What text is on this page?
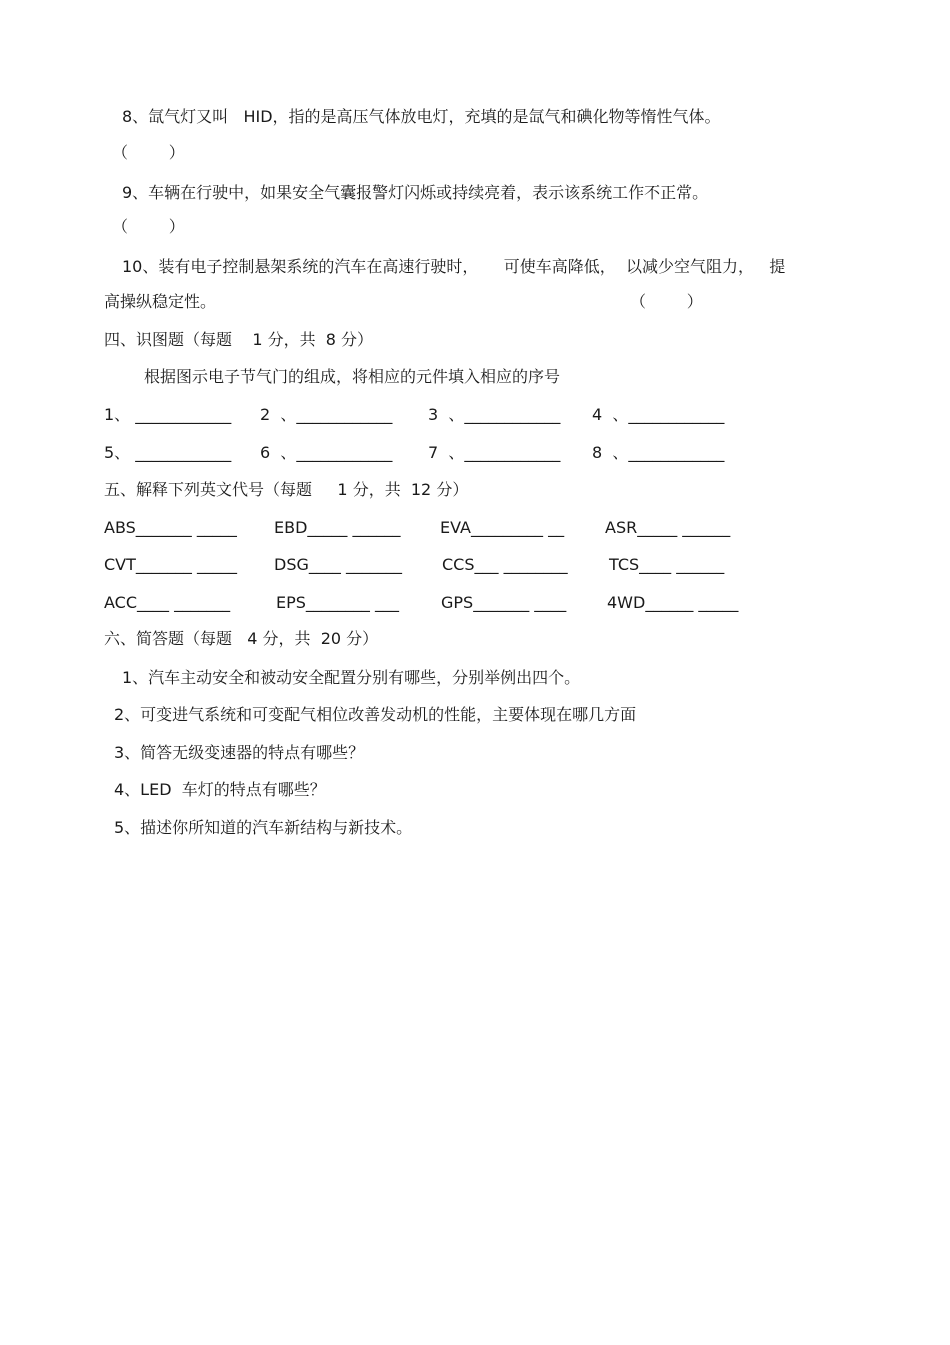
8、氙气灯又叫   HID，指的是高压气体放电灯，充填的是氙气和碘化物等惰性气体。
（        ）
9、车辆在行驶中，如果安全气囊报警灯闪烁或持续亮着，表示该系统工作不正常。
（        ）
10、装有电子控制悬架系统的汽车在高速行驶时，     可使车高降低，  以减少空气阻力，   提
高操纵稳定性。	（        ）
四、识图题（每题    1 分，共  8 分）
根据图示电子节气门的组成，将相应的元件填入相应的序号
1、 ____________ 2  、____________ 3  、____________ 4  、____________
5、 ____________ 6  、____________ 7  、____________ 8  、____________
五、解释下列英文代号（每题     1 分，共  12 分）
ABS_______ _____ EBD_____ ______ EVA_________ __	ASR_____ ______
CVT_______ _____ DSG____ _______	CCS___ ________	TCS____ ______
ACC____ _______	EPS________ ___	GPS_______ ____	4WD______ _____
六、简答题（每题   4 分，共  20 分）
1、汽车主动安全和被动安全配置分别有哪些，分别举例出四个。
2、可变进气系统和可变配气相位改善发动机的性能，主要体现在哪几方面
3、简答无级变速器的特点有哪些？
4、LED  车灯的特点有哪些？
5、描述你所知道的汽车新结构与新技术。
